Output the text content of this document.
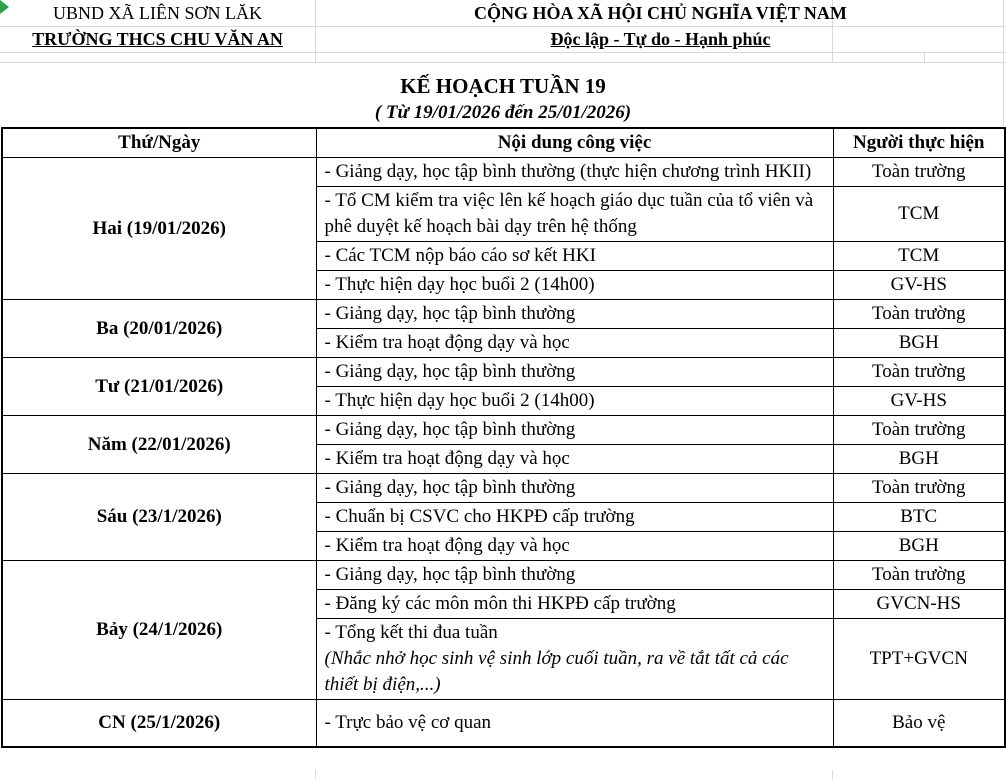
UBND XÃ LIÊN SƠN LĂK
TRƯỜNG THCS CHU VĂN AN
CỘNG HÒA XÃ HỘI CHỦ NGHĨA VIỆT NAM
Độc lập - Tự do - Hạnh phúc
KẾ HOẠCH TUẦN 19
( Từ 19/01/2026 đến 25/01/2026)
Thứ/Ngày	Nội dung công việc	Người thực hiện
Hai (19/01/2026)	- Giảng dạy, học tập bình thường (thực hiện chương trình HKII)	Toàn trường

	- Tổ CM kiểm tra việc lên kế hoạch giáo dục tuần của tổ viên và phê duyệt kế hoạch bài dạy trên hệ thống	TCM

	- Các TCM nộp báo cáo sơ kết HKI	TCM

	- Thực hiện dạy học buổi 2 (14h00)	GV-HS
Ba (20/01/2026)	- Giảng dạy, học tập bình thường	Toàn trường

	- Kiểm tra hoạt động dạy và học	BGH
Tư (21/01/2026)	- Giảng dạy, học tập bình thường	Toàn trường

	- Thực hiện dạy học buổi 2 (14h00)	GV-HS
Năm (22/01/2026)	- Giảng dạy, học tập bình thường	Toàn trường

	- Kiểm tra hoạt động dạy và học	BGH
Sáu (23/1/2026)	- Giảng dạy, học tập bình thường	Toàn trường

	- Chuẩn bị CSVC cho HKPĐ cấp trường	BTC

	- Kiểm tra hoạt động dạy và học	BGH
Bảy (24/1/2026)	- Giảng dạy, học tập bình thường	Toàn trường

	- Đăng ký các môn môn thi HKPĐ cấp trường	GVCN-HS

	- Tổng kết thi đua tuần
(Nhắc nhở học sinh vệ sinh lớp cuối tuần, ra về tắt tất cả các thiết bị điện,...)	TPT+GVCN
CN (25/1/2026)	- Trực bảo vệ cơ quan	Bảo vệ
